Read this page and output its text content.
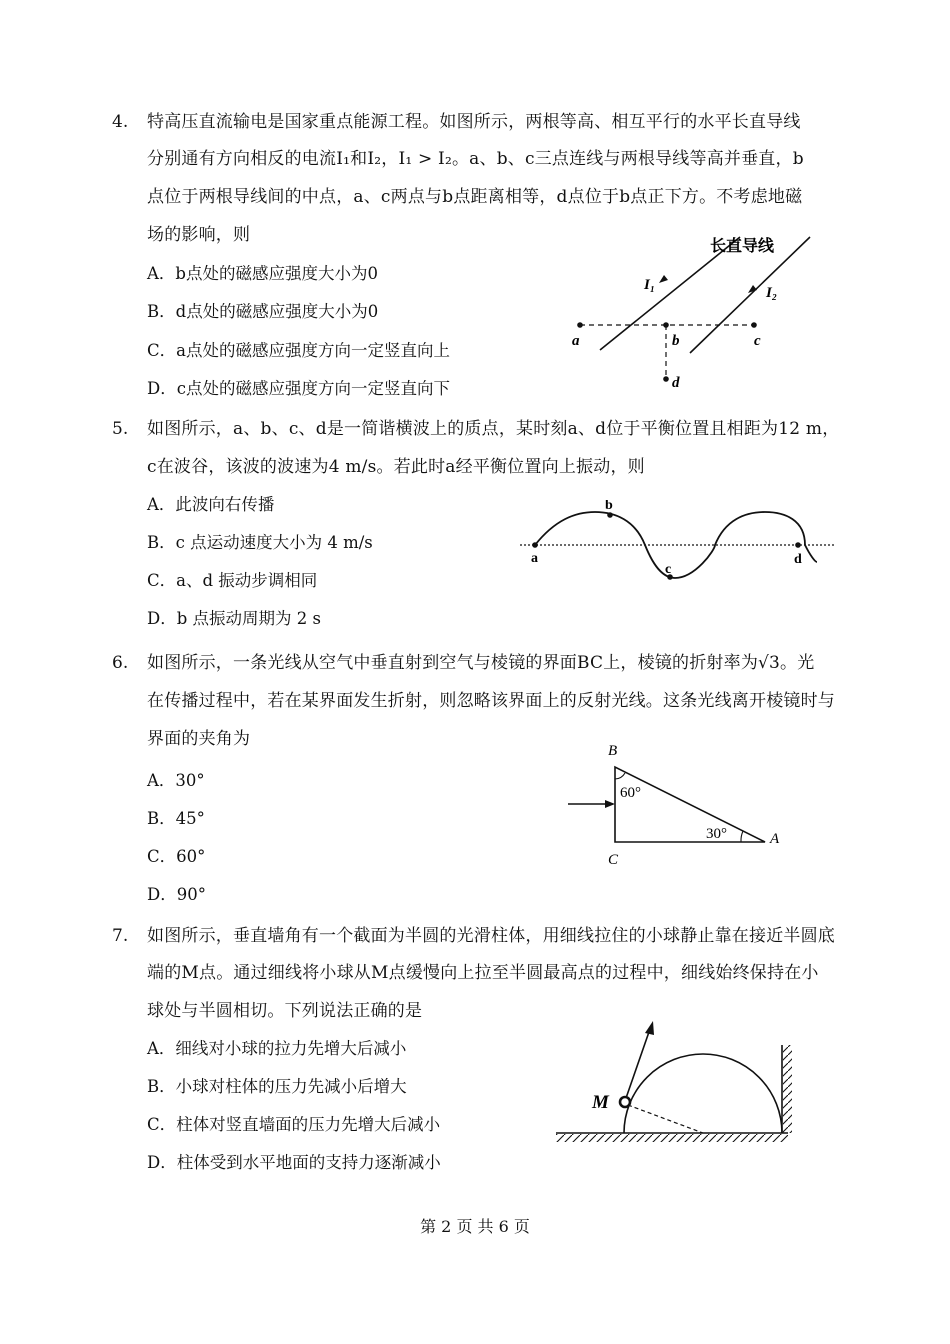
4. 特高压直流输电是国家重点能源工程。如图所示，两根等高、相互平行的水平长直导线
分别通有方向相反的电流I₁和I₂，I₁ > I₂。a、b、c三点连线与两根导线等高并垂直，b
点位于两根导线间的中点，a、c两点与b点距离相等，d点位于b点正下方。不考虑地磁
场的影响，则
A．b点处的磁感应强度大小为0
B．d点处的磁感应强度大小为0
C．a点处的磁感应强度方向一定竖直向上
D．c点处的磁感应强度方向一定竖直向下
长直导线
I₁	I₂
a	b	c
d
5. 如图所示，a、b、c、d是一简谐横波上的质点，某时刻a、d位于平衡位置且相距为12 m，
c在波谷，该波的波速为4 m/s。若此时a经平衡位置向上振动，则
A．此波向右传播
B．c 点运动速度大小为 4 m/s
C．a、d 振动步调相同
D．b 点振动周期为 2 s
a
b
c
d
6. 如图所示，一条光线从空气中垂直射到空气与棱镜的界面BC上，棱镜的折射率为√3。光
在传播过程中，若在某界面发生折射，则忽略该界面上的反射光线。这条光线离开棱镜时与
界面的夹角为
A．30°
B．45°
C．60°
D．90°
B
C
A
60°
30°
7. 如图所示，垂直墙角有一个截面为半圆的光滑柱体，用细线拉住的小球静止靠在接近半圆底
端的M点。通过细线将小球从M点缓慢向上拉至半圆最高点的过程中，细线始终保持在小
球处与半圆相切。下列说法正确的是
A．细线对小球的拉力先增大后减小
B．小球对柱体的压力先减小后增大
C．柱体对竖直墙面的压力先增大后减小
D．柱体受到水平地面的支持力逐渐减小
M
第 2 页 共 6 页
